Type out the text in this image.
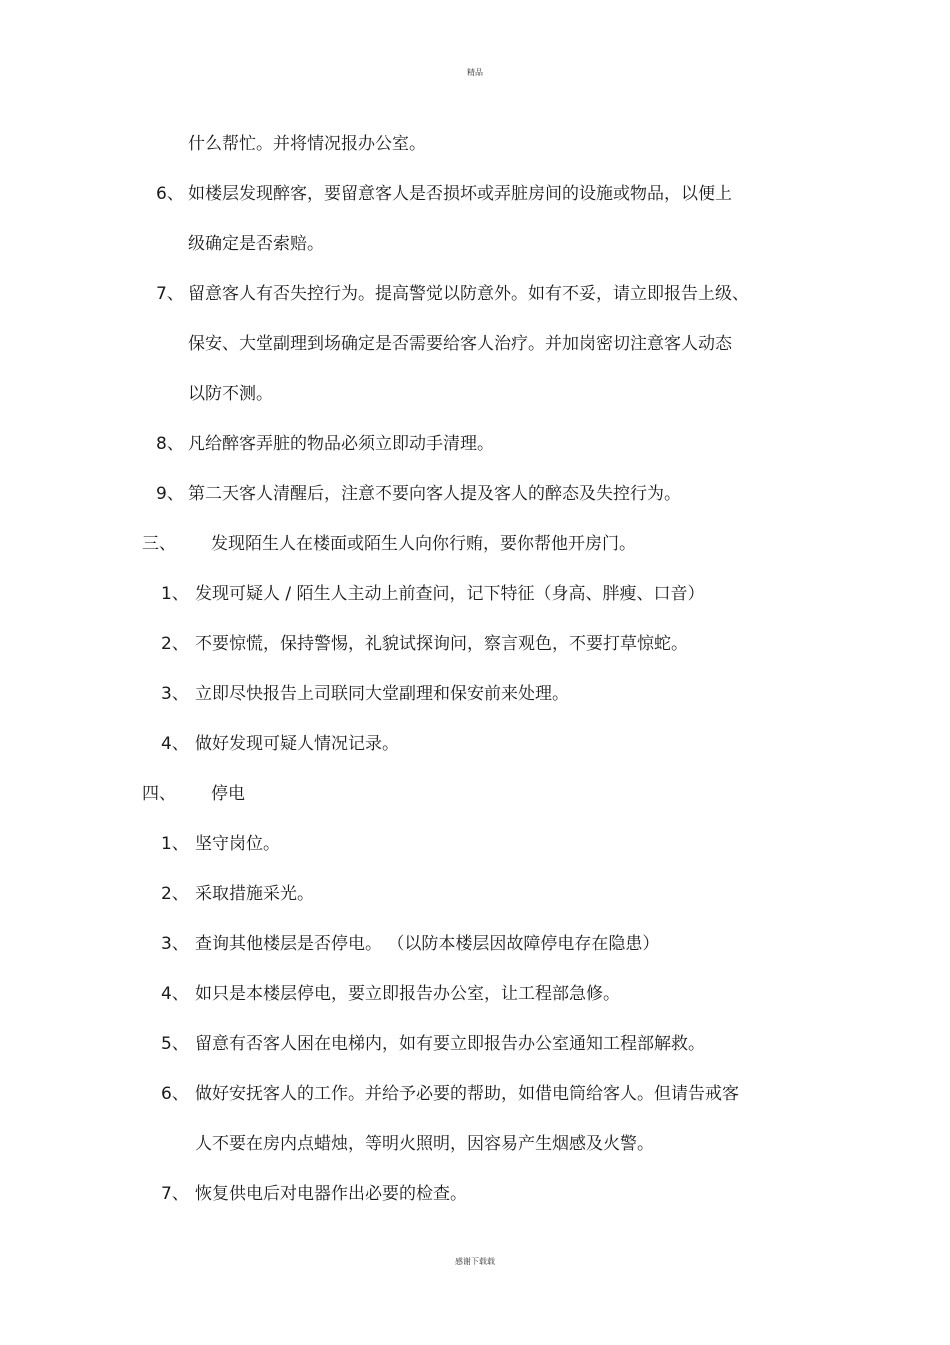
精品
什么帮忙。并将情况报办公室。
6、 如楼层发现醉客，要留意客人是否损坏或弄脏房间的设施或物品，以便上
级确定是否索赔。
7、 留意客人有否失控行为。提高警觉以防意外。如有不妥，请立即报告上级、
保安、大堂副理到场确定是否需要给客人治疗。并加岗密切注意客人动态
以防不测。
8、 凡给醉客弄脏的物品必须立即动手清理。
9、 第二天客人清醒后，注意不要向客人提及客人的醉态及失控行为。
三、 发现陌生人在楼面或陌生人向你行贿，要你帮他开房门。
1、 发现可疑人 / 陌生人主动上前查问，记下特征（身高、胖瘦、口音）
2、 不要惊慌，保持警惕，礼貌试探询问，察言观色，不要打草惊蛇。
3、 立即尽快报告上司联同大堂副理和保安前来处理。
4、 做好发现可疑人情况记录。
四、 停电
1、 坚守岗位。
2、 采取措施采光。
3、 查询其他楼层是否停电。 （以防本楼层因故障停电存在隐患）
4、 如只是本楼层停电，要立即报告办公室，让工程部急修。
5、 留意有否客人困在电梯内，如有要立即报告办公室通知工程部解救。
6、 做好安抚客人的工作。并给予必要的帮助，如借电筒给客人。但请告戒客
人不要在房内点蜡烛，等明火照明，因容易产生烟感及火警。
7、 恢复供电后对电器作出必要的检查。
感谢下载载
